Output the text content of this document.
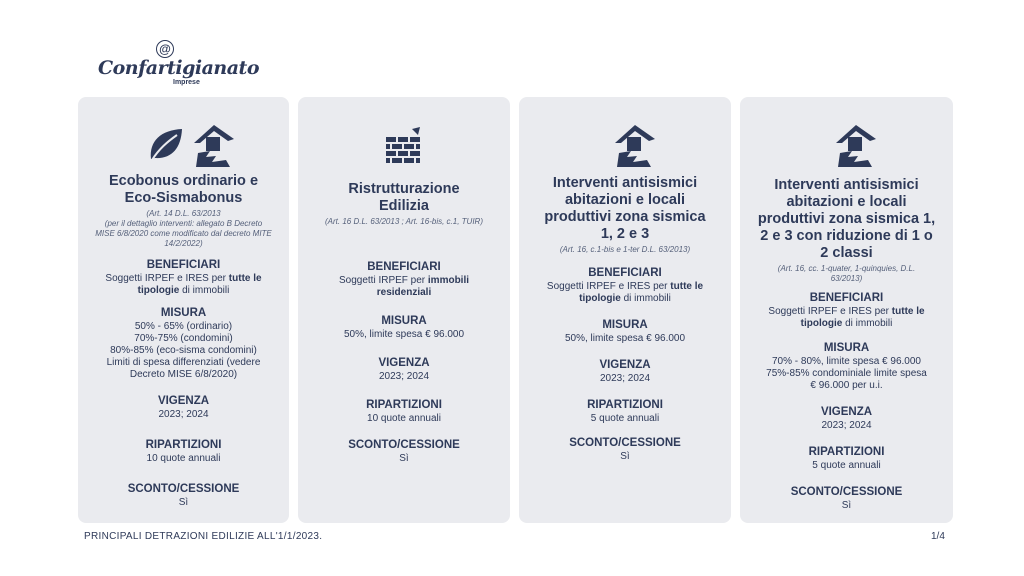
@
Confartigianato
Imprese
Ecobonus ordinario e Eco-Sismabonus
(Art. 14 D.L. 63/2013
(per il dettaglio interventi: allegato B Decreto MISE 6/8/2020 come modificato dal decreto MITE 14/2/2022)
BENEFICIARI
Soggetti IRPEF e IRES per tutte le tipologie di immobili
MISURA
50% - 65% (ordinario)
70%-75% (condomini)
80%-85% (eco-sisma condomini)
Limiti di spesa differenziati (vedere Decreto MISE 6/8/2020)
VIGENZA
2023; 2024
RIPARTIZIONI
10 quote annuali
SCONTO/CESSIONE
Sì
Ristrutturazione Edilizia
(Art. 16 D.L. 63/2013 ; Art. 16-bis, c.1, TUIR)
BENEFICIARI
Soggetti IRPEF per immobili residenziali
MISURA
50%, limite spesa € 96.000
VIGENZA
2023; 2024
RIPARTIZIONI
10 quote annuali
SCONTO/CESSIONE
Sì
Interventi antisismici abitazioni e locali produttivi zona sismica 1, 2 e 3
(Art. 16, c.1-bis e 1-ter D.L. 63/2013)
BENEFICIARI
Soggetti IRPEF e IRES per tutte le tipologie di immobili
MISURA
50%, limite spesa € 96.000
VIGENZA
2023; 2024
RIPARTIZIONI
5 quote annuali
SCONTO/CESSIONE
Sì
Interventi antisismici abitazioni e locali produttivi zona sismica 1, 2 e 3 con riduzione di 1 o 2 classi
(Art. 16, cc. 1-quater, 1-quinquies, D.L. 63/2013)
BENEFICIARI
Soggetti IRPEF e IRES per tutte le tipologie di immobili
MISURA
70% - 80%, limite spesa € 96.000
75%-85% condominiale limite spesa € 96.000 per u.i.
VIGENZA
2023; 2024
RIPARTIZIONI
5 quote annuali
SCONTO/CESSIONE
Sì
PRINCIPALI DETRAZIONI EDILIZIE ALL'1/1/2023.	1/4
